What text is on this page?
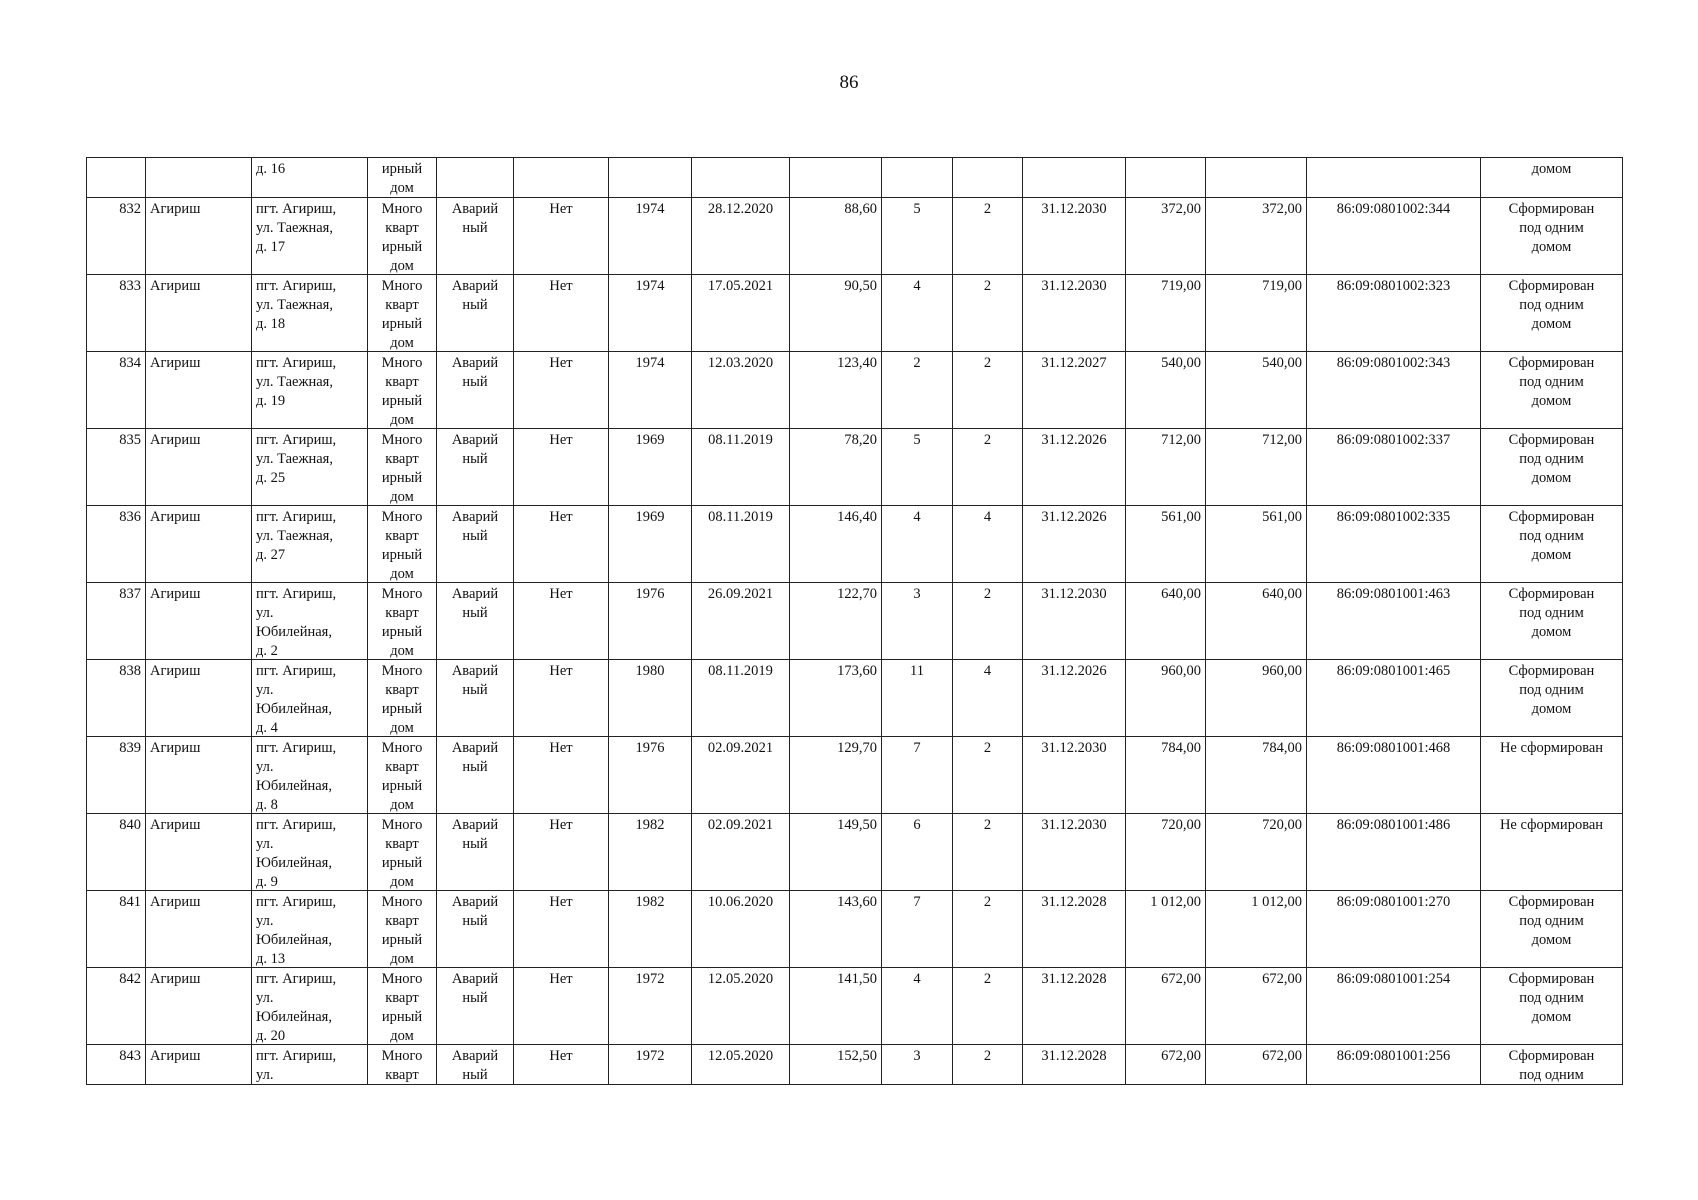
86

		д. 16	ирный
дом												домом

832	Агириш	пгт. Агириш,
ул. Таежная,
д. 17	Много
кварт
ирный
дом	Аварий
ный	Нет	1974	28.12.2020	88,60	5	2	31.12.2030	372,00	372,00	86:09:0801002:344	Сформирован
под одним
домом

833	Агириш	пгт. Агириш,
ул. Таежная,
д. 18	Много
кварт
ирный
дом	Аварий
ный	Нет	1974	17.05.2021	90,50	4	2	31.12.2030	719,00	719,00	86:09:0801002:323	Сформирован
под одним
домом

834	Агириш	пгт. Агириш,
ул. Таежная,
д. 19	Много
кварт
ирный
дом	Аварий
ный	Нет	1974	12.03.2020	123,40	2	2	31.12.2027	540,00	540,00	86:09:0801002:343	Сформирован
под одним
домом

835	Агириш	пгт. Агириш,
ул. Таежная,
д. 25	Много
кварт
ирный
дом	Аварий
ный	Нет	1969	08.11.2019	78,20	5	2	31.12.2026	712,00	712,00	86:09:0801002:337	Сформирован
под одним
домом

836	Агириш	пгт. Агириш,
ул. Таежная,
д. 27	Много
кварт
ирный
дом	Аварий
ный	Нет	1969	08.11.2019	146,40	4	4	31.12.2026	561,00	561,00	86:09:0801002:335	Сформирован
под одним
домом

837	Агириш	пгт. Агириш,
ул.
Юбилейная,
д. 2	Много
кварт
ирный
дом	Аварий
ный	Нет	1976	26.09.2021	122,70	3	2	31.12.2030	640,00	640,00	86:09:0801001:463	Сформирован
под одним
домом

838	Агириш	пгт. Агириш,
ул.
Юбилейная,
д. 4	Много
кварт
ирный
дом	Аварий
ный	Нет	1980	08.11.2019	173,60	11	4	31.12.2026	960,00	960,00	86:09:0801001:465	Сформирован
под одним
домом

839	Агириш	пгт. Агириш,
ул.
Юбилейная,
д. 8	Много
кварт
ирный
дом	Аварий
ный	Нет	1976	02.09.2021	129,70	7	2	31.12.2030	784,00	784,00	86:09:0801001:468	Не сформирован

840	Агириш	пгт. Агириш,
ул.
Юбилейная,
д. 9	Много
кварт
ирный
дом	Аварий
ный	Нет	1982	02.09.2021	149,50	6	2	31.12.2030	720,00	720,00	86:09:0801001:486	Не сформирован

841	Агириш	пгт. Агириш,
ул.
Юбилейная,
д. 13	Много
кварт
ирный
дом	Аварий
ный	Нет	1982	10.06.2020	143,60	7	2	31.12.2028	1 012,00	1 012,00	86:09:0801001:270	Сформирован
под одним
домом

842	Агириш	пгт. Агириш,
ул.
Юбилейная,
д. 20	Много
кварт
ирный
дом	Аварий
ный	Нет	1972	12.05.2020	141,50	4	2	31.12.2028	672,00	672,00	86:09:0801001:254	Сформирован
под одним
домом

843	Агириш	пгт. Агириш,
ул.	Много
кварт	Аварий
ный	Нет	1972	12.05.2020	152,50	3	2	31.12.2028	672,00	672,00	86:09:0801001:256	Сформирован
под одним
